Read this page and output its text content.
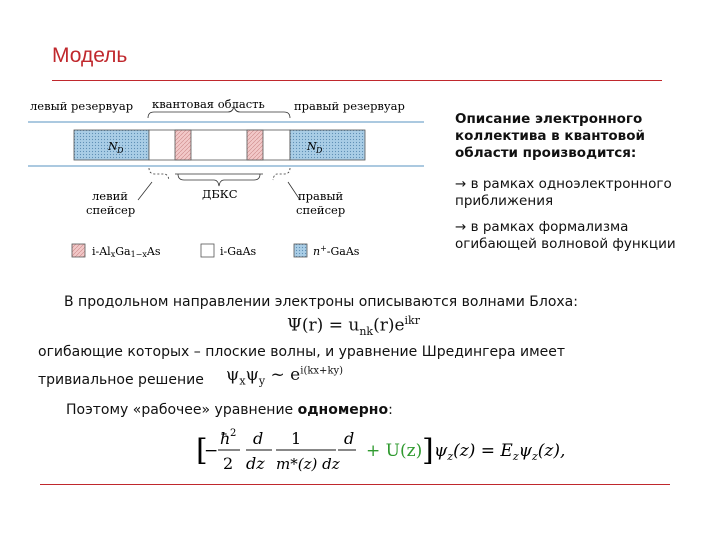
Модель
левый резервуар квантовая область	правый резервуар
N D	N D
левий
спейсер
ДБКС	правый
спейсер
i-AlxGa1−xAs	i-GaAs	n+-GaAs
Описание электронного коллектива в квантовой области производится:
→ в рамках одноэлектронного приближения
→ в рамках формализма огибающей волновой функции
В продольном направлении электроны описываются волнами Блоха:
$\Psi(r) = u_{nk}(r)e^{ikr}$
огибающие которых – плоские волны, и уравнение Шредингера имеет
тривиальное решение $\psi_x\psi_y$ ~ $e^{i(kx+ky)}$
Поэтому «рабочее» уравнение одномерно:
[
−
ħ 2
2
d
dz
1
m*(z) dz
d
+ U(z) ] $\psi_z(z) = E_z\psi_z(z)$,
